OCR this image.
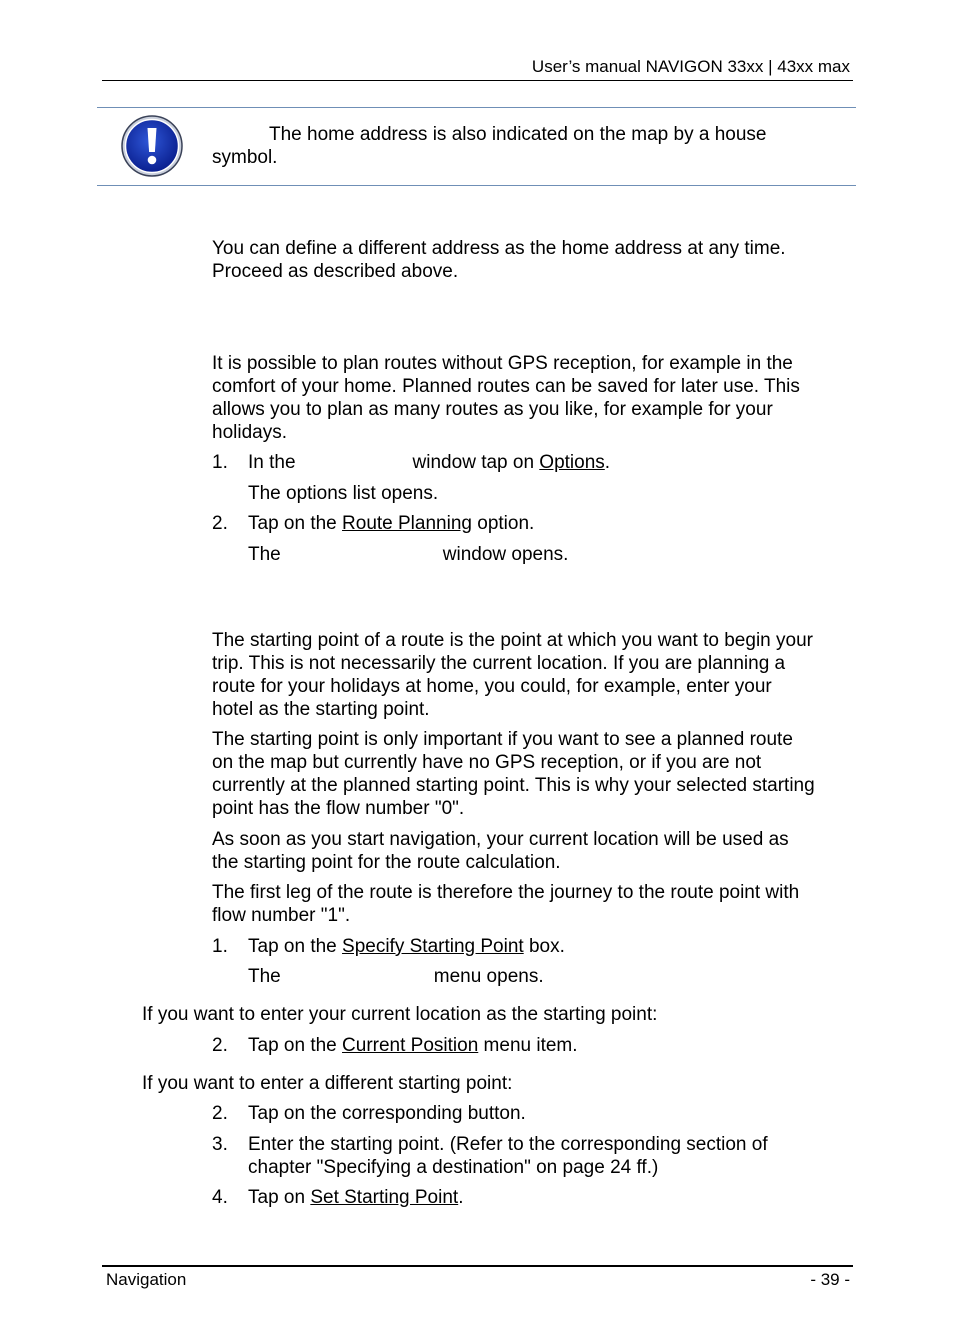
User’s manual NAVIGON 33xx | 43xx max

The home address is also indicated on the map by a house
symbol.

You can define a different address as the home address at any time.
Proceed as described above.

It is possible to plan routes without GPS reception, for example in the
comfort of your home. Planned routes can be saved for later use. This
allows you to plan as many routes as you like, for example for your
holidays.

1.	In the	window tap on Options.

The options list opens.

2.	Tap on the Route Planning option.

The	window opens.

The starting point of a route is the point at which you want to begin your
trip. This is not necessarily the current location. If you are planning a
route for your holidays at home, you could, for example, enter your
hotel as the starting point.

The starting point is only important if you want to see a planned route
on the map but currently have no GPS reception, or if you are not
currently at the planned starting point. This is why your selected starting
point has the flow number "0".

As soon as you start navigation, your current location will be used as
the starting point for the route calculation.

The first leg of the route is therefore the journey to the route point with
flow number "1".

1.	Tap on the Specify Starting Point box.

The	menu opens.

If you want to enter your current location as the starting point:

2.	Tap on the Current Position menu item.

If you want to enter a different starting point:

2.	Tap on the corresponding button.

3.	Enter the starting point. (Refer to the corresponding section of
chapter "Specifying a destination" on page 24 ff.)

4.	Tap on Set Starting Point.

Navigation	- 39 -
